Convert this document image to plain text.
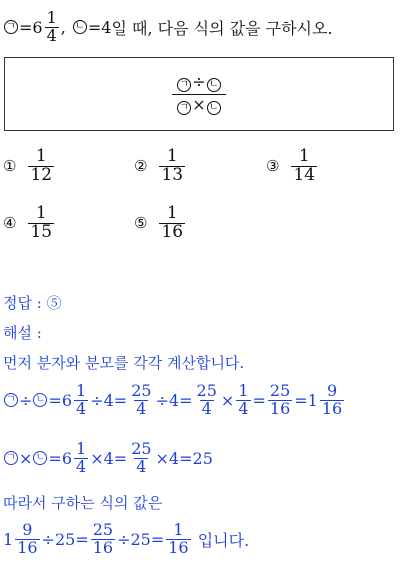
ㄱ = $6 \frac{1}{4}$ , ㄴ =4 일 때, 다음 식의 값을 구하시오.
$\frac{\text{ㄱ ÷ ㄴ}}{\text{ㄱ × ㄴ}}$
① $\frac{1}{12}$	② $\frac{1}{13}$	③ $\frac{1}{14}$
④ $\frac{1}{15}$	⑤ $\frac{1}{16}$
정답 : ⑤
해설 :
먼저 분자와 분모를 각각 계산합니다.
ㄱ ÷ ㄴ $=6 \frac{1}{4} \div 4= \frac{25}{4} \div 4= \frac{25}{4} \times \frac{1}{4} = \frac{25}{16} =1 \frac{9}{16}$
ㄱ × ㄴ $=6 \frac{1}{4} \times 4= \frac{25}{4} \times 4=25$
따라서 구하는 식의 값은
$1 \frac{9}{16} \div 25= \frac{25}{16} \div 25= \frac{1}{16}$ 입니다.
